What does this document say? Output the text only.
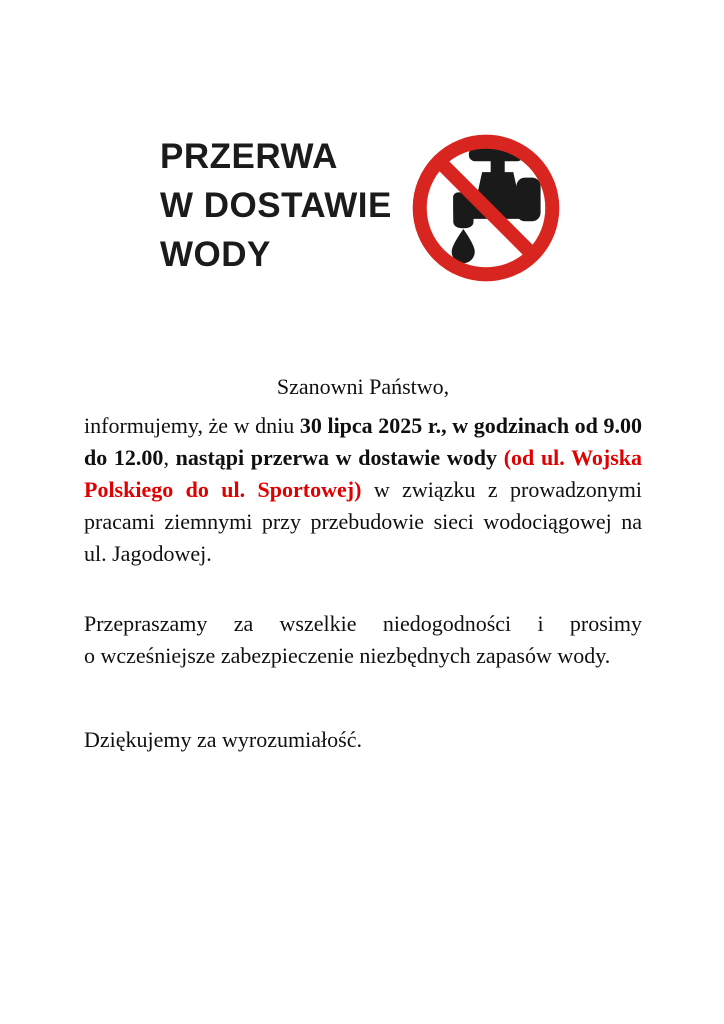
PRZERWA
W DOSTAWIE
WODY

Szanowni Państwo,

informujemy, że w dniu 30 lipca 2025 r., w godzinach od 9.00 do 12.00, nastąpi przerwa w dostawie wody (od ul. Wojska Polskiego do ul. Sportowej) w związku z prowadzonymi pracami ziemnymi przy przebudowie sieci wodociągowej na ul. Jagodowej.

Przepraszamy za wszelkie niedogodności i prosimy o wcześniejsze zabezpieczenie niezbędnych zapasów wody.

Dziękujemy za wyrozumiałość.
